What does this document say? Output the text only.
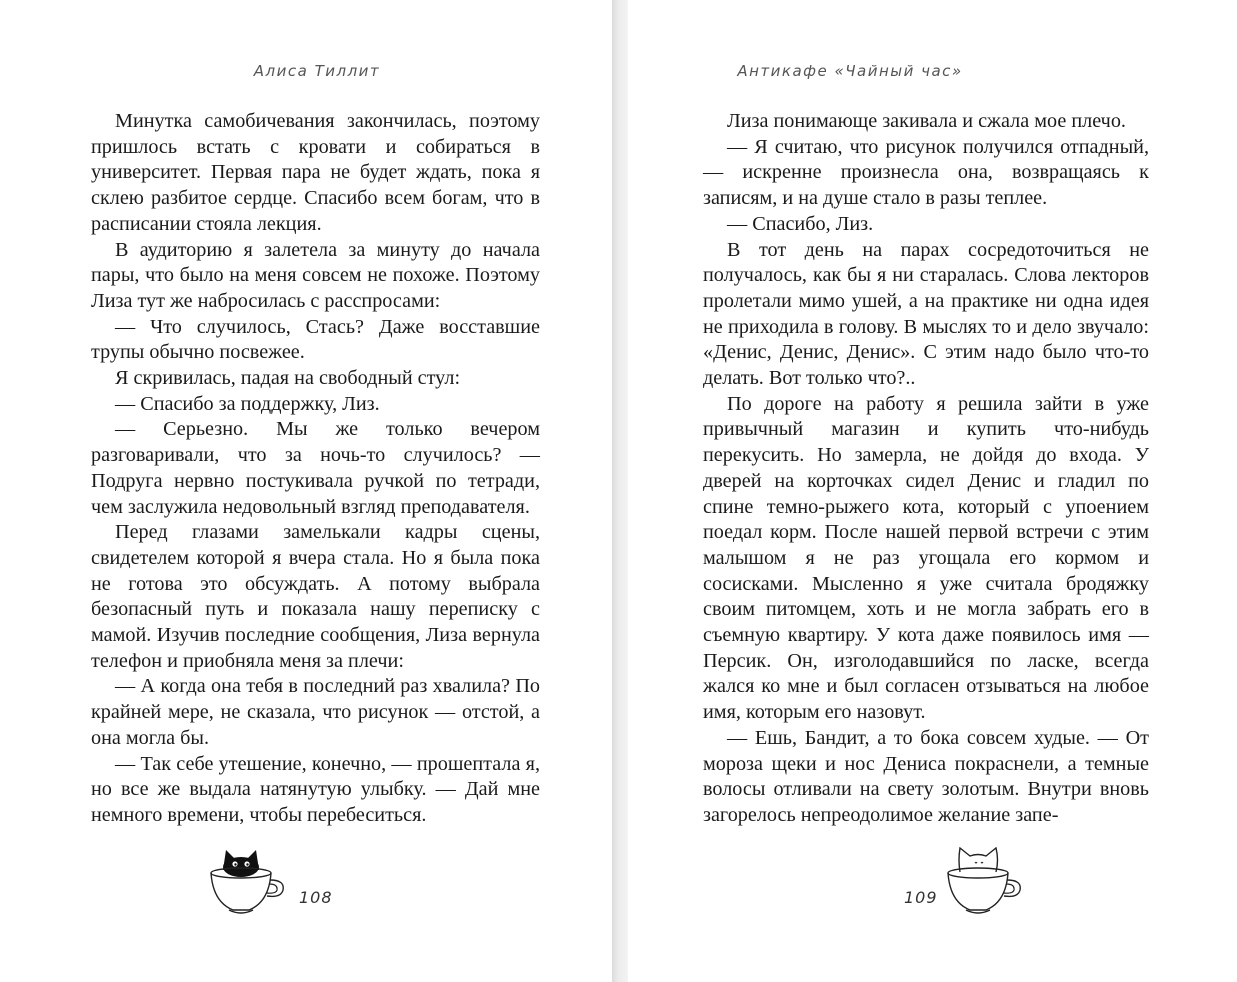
Алиса Тиллит

Минутка самобичевания закончилась, поэтому пришлось встать с кровати и собираться в университет. Первая пара не будет ждать, пока я склею разбитое сердце. Спасибо всем богам, что в расписании стояла лекция.

В аудиторию я залетела за минуту до начала пары, что было на меня совсем не похоже. Поэтому Лиза тут же набросилась с расспросами:

— Что случилось, Стась? Даже восставшие трупы обычно посвежее.

Я скривилась, падая на свободный стул:

— Спасибо за поддержку, Лиз.

— Серьезно. Мы же только вечером разговаривали, что за ночь-то случилось? — Подруга нервно постукивала ручкой по тетради, чем заслужила недовольный взгляд преподавателя.

Перед глазами замелькали кадры сцены, свидетелем которой я вчера стала. Но я была пока не готова это обсуждать. А потому выбрала безопасный путь и показала нашу переписку с мамой. Изучив последние сообщения, Лиза вернула телефон и приобняла меня за плечи:

— А когда она тебя в последний раз хвалила? По крайней мере, не сказала, что рисунок — отстой, а она могла бы.

— Так себе утешение, конечно, — прошептала я, но все же выдала натянутую улыбку. — Дай мне немного времени, чтобы перебеситься.

108
Антикафе «Чайный час»

Лиза понимающе закивала и сжала мое плечо.

— Я считаю, что рисунок получился отпадный, — искренне произнесла она, возвращаясь к записям, и на душе стало в разы теплее.

— Спасибо, Лиз.

В тот день на парах сосредоточиться не получалось, как бы я ни старалась. Слова лекторов пролетали мимо ушей, а на практике ни одна идея не приходила в голову. В мыслях то и дело звучало: «Денис, Денис, Денис». С этим надо было что-то делать. Вот только что?..

По дороге на работу я решила зайти в уже привычный магазин и купить что-нибудь перекусить. Но замерла, не дойдя до входа. У дверей на корточках сидел Денис и гладил по спине темно-рыжего кота, который с упоением поедал корм. После нашей первой встречи с этим малышом я не раз угощала его кормом и сосисками. Мысленно я уже считала бродяжку своим питомцем, хоть и не могла забрать его в съемную квартиру. У кота даже появилось имя — Персик. Он, изголодавшийся по ласке, всегда жался ко мне и был согласен отзываться на любое имя, которым его назовут.

— Ешь, Бандит, а то бока совсем худые. — От мороза щеки и нос Дениса покраснели, а темные волосы отливали на свету золотым. Внутри вновь загорелось непреодолимое желание запе-

109
